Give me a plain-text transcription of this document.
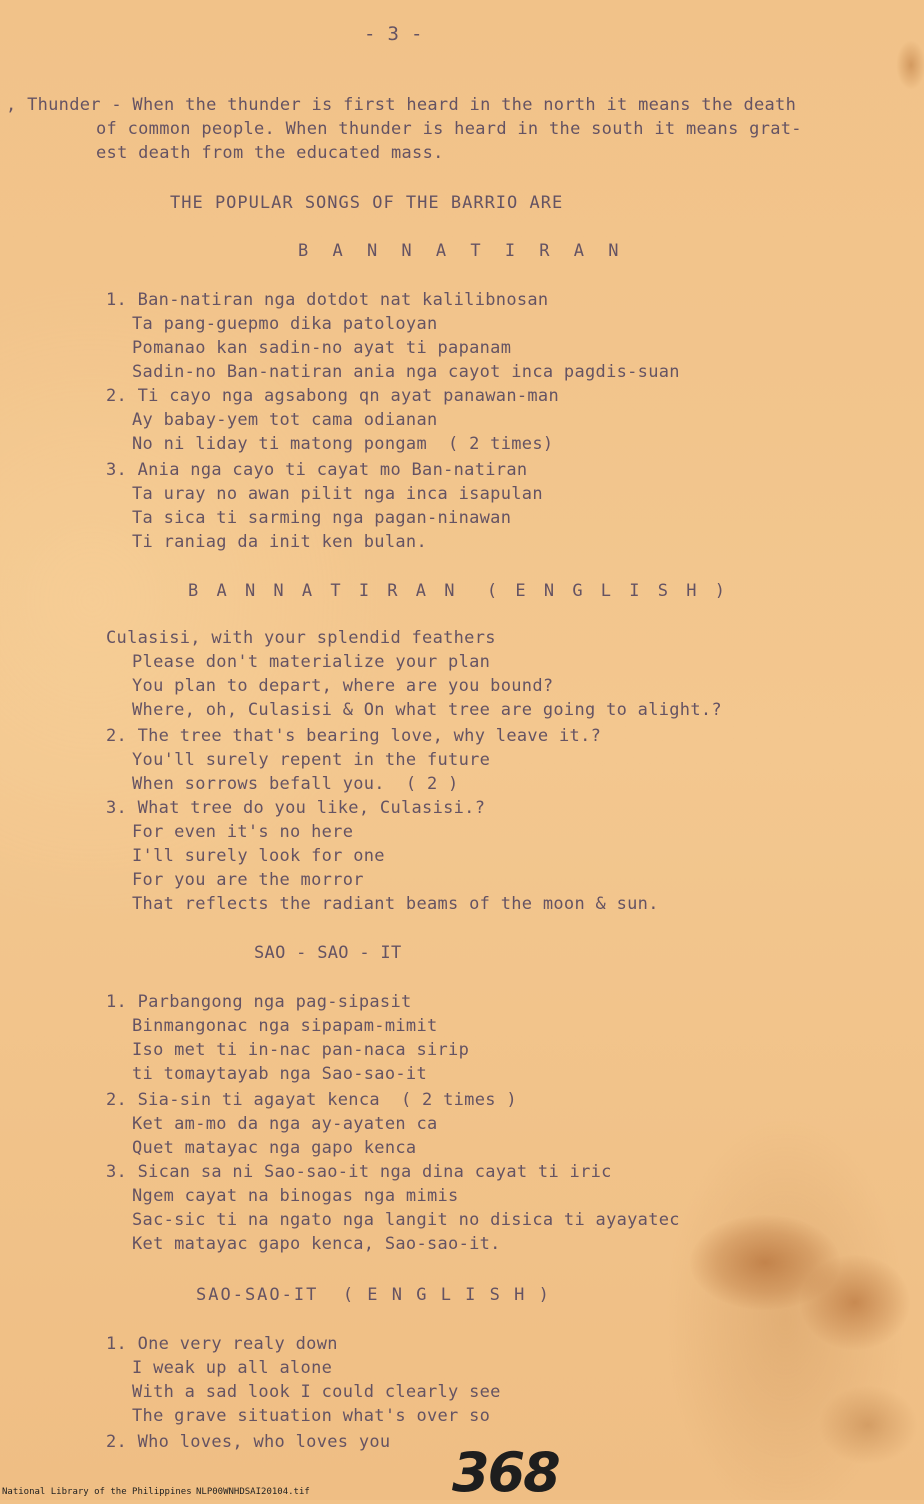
- 3 -
, Thunder - When the thunder is first heard in the north it means the death
of common people. When thunder is heard in the south it means grat-
est death from the educated mass.
THE POPULAR SONGS OF THE BARRIO ARE
B A N N A T I R A N
1. Ban-natiran nga dotdot nat kalilibnosan
Ta pang-guepmo dika patoloyan
Pomanao kan sadin-no ayat ti papanam
Sadin-no Ban-natiran ania nga cayot inca pagdis-suan
2. Ti cayo nga agsabong qn ayat panawan-man
Ay babay-yem tot cama odianan
No ni liday ti matong pongam  ( 2 times)
3. Ania nga cayo ti cayat mo Ban-natiran
Ta uray no awan pilit nga inca isapulan
Ta sica ti sarming nga pagan-ninawan
Ti raniag da init ken bulan.
B A N N A T I R A N  ( E N G L I S H )
Culasisi, with your splendid feathers
Please don't materialize your plan
You plan to depart, where are you bound?
Where, oh, Culasisi & On what tree are going to alight.?
2. The tree that's bearing love, why leave it.?
You'll surely repent in the future
When sorrows befall you.  ( 2 )
3. What tree do you like, Culasisi.?
For even it's no here
I'll surely look for one
For you are the morror
That reflects the radiant beams of the moon & sun.
SAO - SAO - IT
1. Parbangong nga pag-sipasit
Binmangonac nga sipapam-mimit
Iso met ti in-nac pan-naca sirip
ti tomaytayab nga Sao-sao-it
2. Sia-sin ti agayat kenca  ( 2 times )
Ket am-mo da nga ay-ayaten ca
Quet matayac nga gapo kenca
3. Sican sa ni Sao-sao-it nga dina cayat ti iric
Ngem cayat na binogas nga mimis
Sac-sic ti na ngato nga langit no disica ti ayayatec
Ket matayac gapo kenca, Sao-sao-it.
SAO-SAO-IT  ( E N G L I S H )
1. One very realy down
I weak up all alone
With a sad look I could clearly see
The grave situation what's over so
2. Who loves, who loves you 368
National Library of the Philippines NLP00WNHDSAI20104.tif
